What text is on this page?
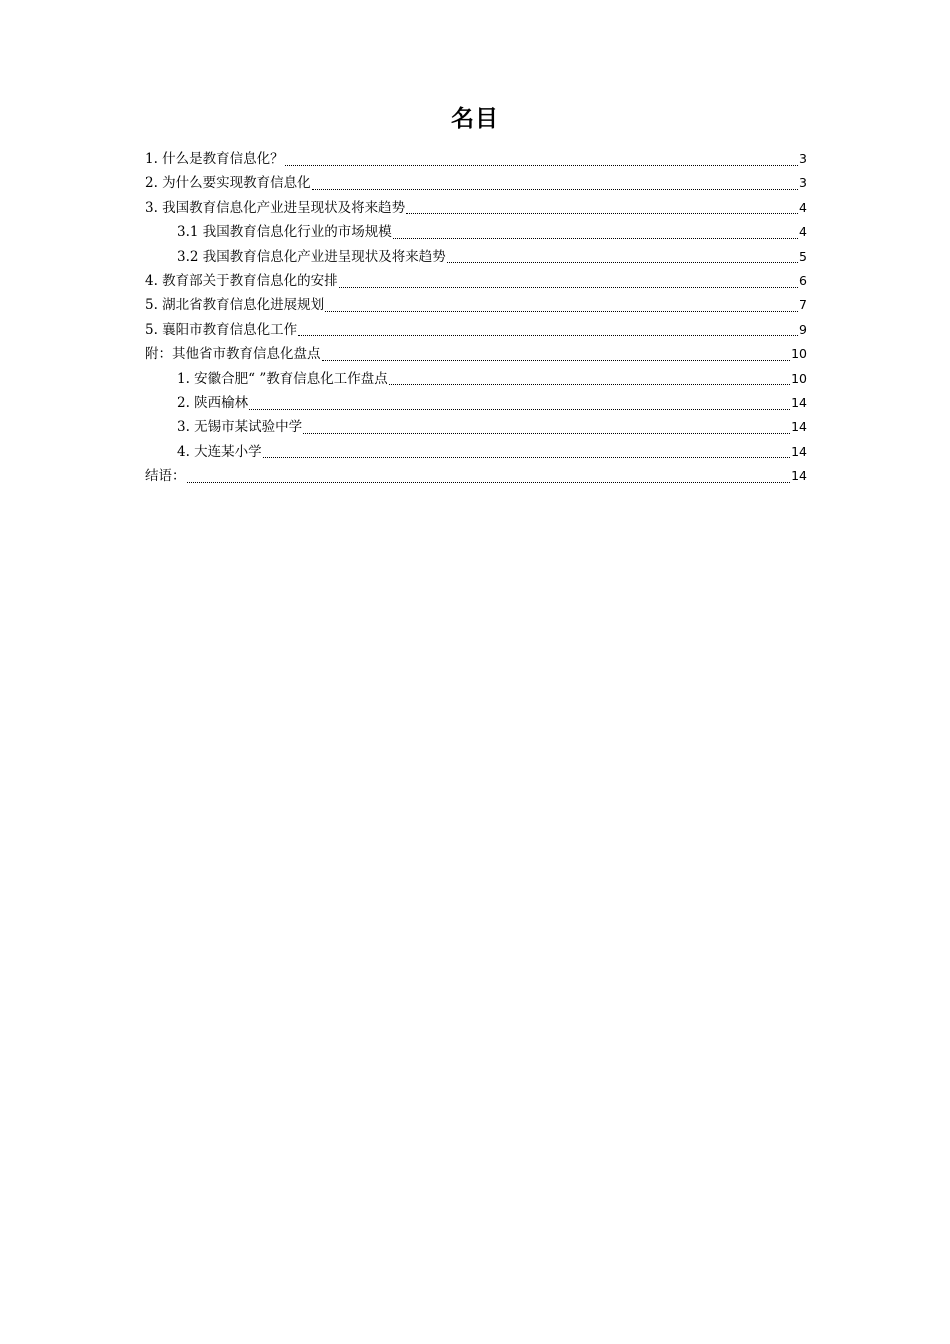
名目
1. 什么是教育信息化？	3
2. 为什么要实现教育信息化	3
3. 我国教育信息化产业进呈现状及将来趋势	4
3.1 我国教育信息化行业的市场规模	4
3.2 我国教育信息化产业进呈现状及将来趋势	5
4. 教育部关于教育信息化的安排	6
5. 湖北省教育信息化进展规划	7
5. 襄阳市教育信息化工作	9
附：其他省市教育信息化盘点	10
1. 安徽合肥“ ”教育信息化工作盘点	10
2. 陕西榆林	14
3. 无锡市某试验中学	14
4. 大连某小学	14
结语：	14
